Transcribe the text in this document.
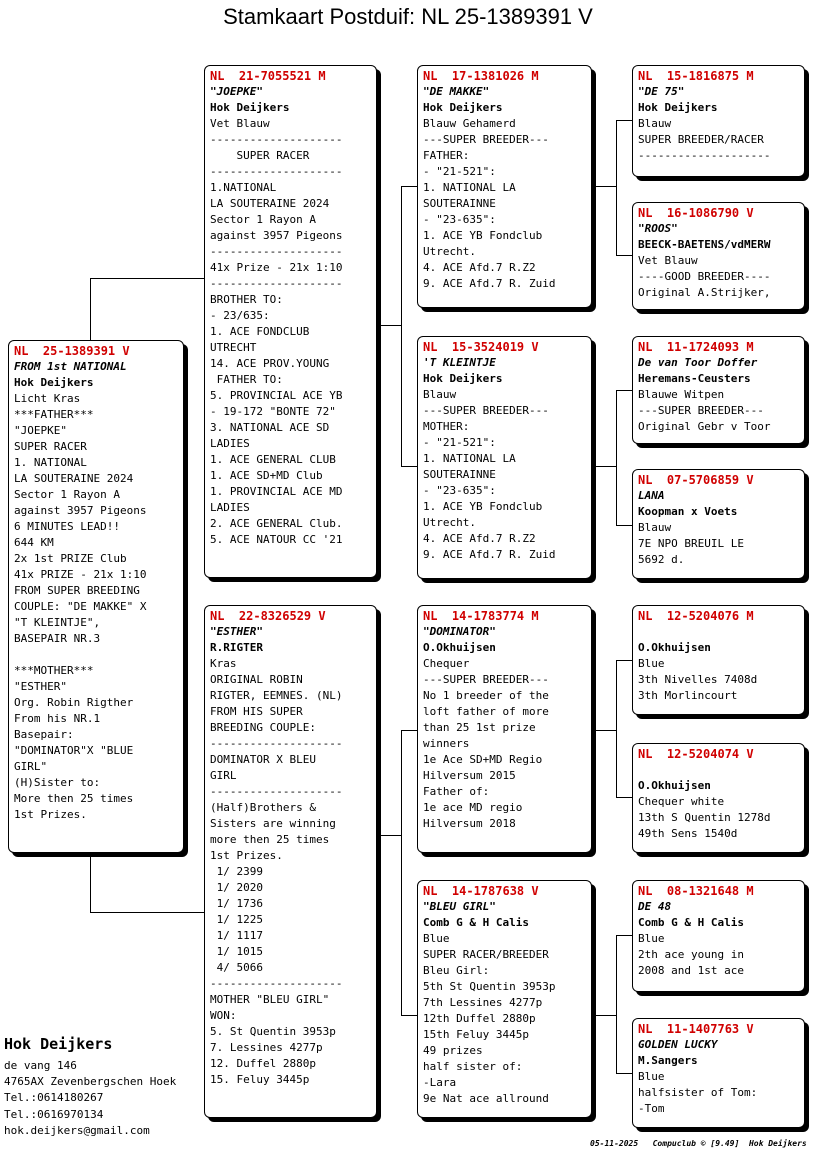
Stamkaart Postduif: NL 25-1389391 V
NL  25-1389391 V
FROM 1st NATIONAL
Hok Deijkers
Licht Kras
***FATHER***
"JOEPKE"
SUPER RACER
1. NATIONAL
LA SOUTERAINE 2024
Sector 1 Rayon A
against 3957 Pigeons
6 MINUTES LEAD!!
644 KM
2x 1st PRIZE Club
41x PRIZE - 21x 1:10
FROM SUPER BREEDING
COUPLE: "DE MAKKE" X
"T KLEINTJE",
BASEPAIR NR.3
***MOTHER***
"ESTHER"
Org. Robin Rigther
From his NR.1
Basepair:
"DOMINATOR"X "BLUE
GIRL"
(H)Sister to:
More then 25 times
1st Prizes.
NL  21-7055521 M
"JOEPKE"
Hok Deijkers
Vet Blauw
--------------------
SUPER RACER
--------------------
1.NATIONAL
LA SOUTERAINE 2024
Sector 1 Rayon A
against 3957 Pigeons
--------------------
41x Prize - 21x 1:10
--------------------
BROTHER TO:
- 23/635:
1. ACE FONDCLUB
UTRECHT
14. ACE PROV.YOUNG
FATHER TO:
5. PROVINCIAL ACE YB
- 19-172 "BONTE 72"
3. NATIONAL ACE SD
LADIES
1. ACE GENERAL CLUB
1. ACE SD+MD Club
1. PROVINCIAL ACE MD
LADIES
2. ACE GENERAL Club.
5. ACE NATOUR CC '21
NL  22-8326529 V
"ESTHER"
R.RIGTER
Kras
ORIGINAL ROBIN
RIGTER, EEMNES. (NL)
FROM HIS SUPER
BREEDING COUPLE:
--------------------
DOMINATOR X BLEU
GIRL
--------------------
(Half)Brothers &
Sisters are winning
more then 25 times
1st Prizes.
1/ 2399
1/ 2020
1/ 1736
1/ 1225
1/ 1117
1/ 1015
4/ 5066
--------------------
MOTHER "BLEU GIRL"
WON:
5. St Quentin 3953p
7. Lessines 4277p
12. Duffel 2880p
15. Feluy 3445p
NL  17-1381026 M
"DE MAKKE"
Hok Deijkers
Blauw Gehamerd
---SUPER BREEDER---
FATHER:
- "21-521":
1. NATIONAL LA
SOUTERAINNE
- "23-635":
1. ACE YB Fondclub
Utrecht.
4. ACE Afd.7 R.Z2
9. ACE Afd.7 R. Zuid
NL  15-3524019 V
'T KLEINTJE
Hok Deijkers
Blauw
---SUPER BREEDER---
MOTHER:
- "21-521":
1. NATIONAL LA
SOUTERAINNE
- "23-635":
1. ACE YB Fondclub
Utrecht.
4. ACE Afd.7 R.Z2
9. ACE Afd.7 R. Zuid
NL  14-1783774 M
"DOMINATOR"
O.Okhuijsen
Chequer
---SUPER BREEDER---
No 1 breeder of the
loft father of more
than 25 1st prize
winners
1e Ace SD+MD Regio
Hilversum 2015
Father of:
1e ace MD regio
Hilversum 2018
NL  14-1787638 V
"BLEU GIRL"
Comb G & H Calis
Blue
SUPER RACER/BREEDER
Bleu Girl:
5th St Quentin 3953p
7th Lessines 4277p
12th Duffel 2880p
15th Feluy 3445p
49 prizes
half sister of:
-Lara
9e Nat ace allround
NL  15-1816875 M
"DE 75"
Hok Deijkers
Blauw
SUPER BREEDER/RACER
--------------------
NL  16-1086790 V
"ROOS"
BEECK-BAETENS/vdMERW
Vet Blauw
----GOOD BREEDER----
Original A.Strijker,
NL  11-1724093 M
De van Toor Doffer
Heremans-Ceusters
Blauwe Witpen
---SUPER BREEDER---
Original Gebr v Toor
NL  07-5706859 V
LANA
Koopman x Voets
Blauw
7E NPO BREUIL LE
5692 d.
NL  12-5204076 M
O.Okhuijsen
Blue
3th Nivelles 7408d
3th Morlincourt
NL  12-5204074 V
O.Okhuijsen
Chequer white
13th S Quentin 1278d
49th Sens 1540d
NL  08-1321648 M
DE 48
Comb G & H Calis
Blue
2th ace young in
2008 and 1st ace
NL  11-1407763 V
GOLDEN LUCKY
M.Sangers
Blue
halfsister of Tom:
-Tom
Hok Deijkers
de vang 146
4765AX Zevenbergschen Hoek
Tel.:0614180267
Tel.:0616970134
hok.deijkers@gmail.com
05-11-2025   Compuclub © [9.49]  Hok Deijkers
